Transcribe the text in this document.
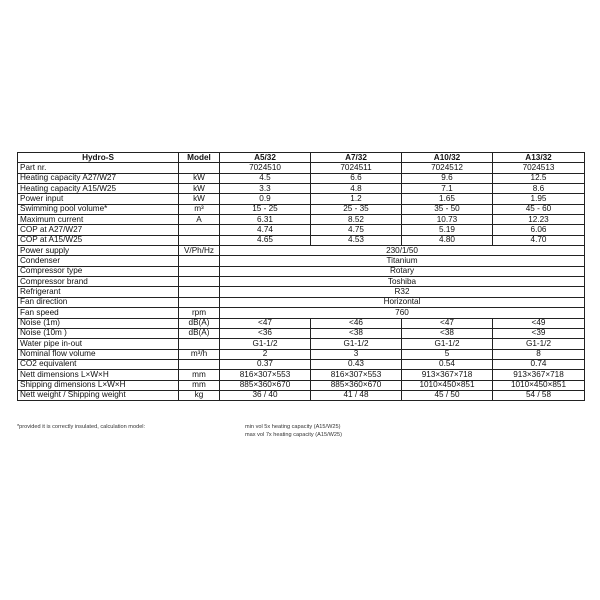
Hydro-S	Model	A5/32	A7/32	A10/32	A13/32
Part nr.		7024510	7024511	7024512	7024513
Heating capacity A27/W27	kW	4.5	6.6	9.6	12.5
Heating capacity A15/W25	kW	3.3	4.8	7.1	8.6
Power input	kW	0.9	1.2	1.65	1.95
Swimming pool volume*	m³	15 - 25	25 - 35	35 - 50	45 - 60
Maximum current	A	6.31	8.52	10.73	12.23
COP at A27/W27		4.74	4.75	5.19	6.06
COP at A15/W25		4.65	4.53	4.80	4.70
Power supply	V/Ph/Hz	230/1/50			
Condenser		Titanium			
Compressor type		Rotary			
Compressor brand		Toshiba			
Refrigerant		R32			
Fan direction		Horizontal			
Fan speed	rpm	760			
Noise (1m)	dB(A)	<47	<46	<47	<49
Noise (10m )	dB(A)	<36	<38	<38	<39
Water pipe in-out		G1-1/2	G1-1/2	G1-1/2	G1-1/2
Nominal flow volume	m³/h	2	3	5	8
CO2 equivalent		0.37	0.43	0.54	0.74
Nett dimensions L×W×H	mm	816×307×553	816×307×553	913×367×718	913×367×718
Shipping dimensions L×W×H	mm	885×360×670	885×360×670	1010×450×851	1010×450×851
Nett weight / Shipping weight	kg	36 / 40	41 / 48	45 / 50	54 / 58
*provided it is correctly insulated, calculation model:	min vol 5x heating capacity (A15/W25)
max vol 7x heating capacity (A15/W25)
